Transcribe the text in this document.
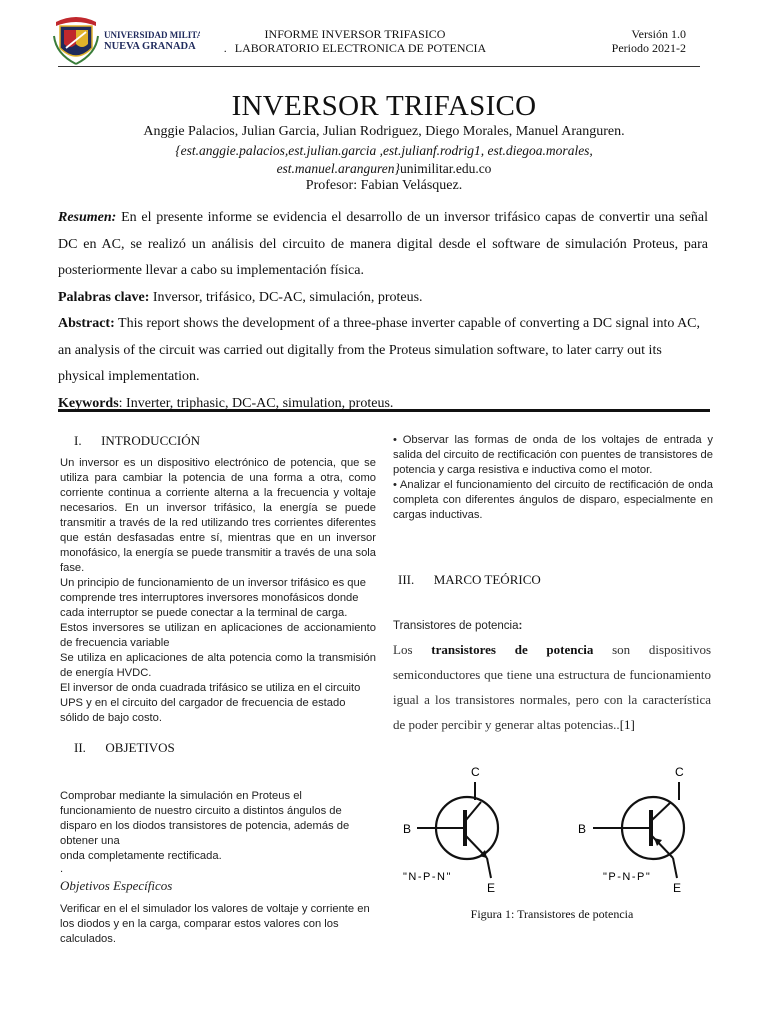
UNIVERSIDAD MILITAR
NUEVA GRANADA
INFORME INVERSOR TRIFASICO
. LABORATORIO ELECTRONICA DE POTENCIA
Versión 1.0
Periodo 2021-2
INVERSOR TRIFASICO
Anggie Palacios, Julian Garcia, Julian Rodriguez, Diego Morales, Manuel Aranguren.
{est.anggie.palacios,est.julian.garcia ,est.julianf.rodrig1, est.diegoa.morales,
est.manuel.aranguren}unimilitar.edu.co
Profesor: Fabian Velásquez.

Resumen: En el presente informe se evidencia el desarrollo de un inversor trifásico capas de convertir una señal DC en AC, se realizó un análisis del circuito de manera digital desde el software de simulación Proteus, para posteriormente llevar a cabo su implementación física.

Palabras clave: Inversor, trifásico, DC-AC, simulación, proteus.

Abstract: This report shows the development of a three-phase inverter capable of converting a DC signal into AC, an analysis of the circuit was carried out digitally from the Proteus simulation software, to later carry out its physical implementation.

Keywords: Inverter, triphasic, DC-AC, simulation, proteus.

I.      INTRODUCCIÓN

Un inversor es un dispositivo electrónico de potencia, que se utiliza para cambiar la potencia de una forma a otra, como corriente continua a corriente alterna a la frecuencia y voltaje necesarios. En un inversor trifásico, la energía se puede transmitir a través de la red utilizando tres corrientes diferentes que están desfasadas entre sí, mientras que en un inversor monofásico, la energía se puede transmitir a través de una sola fase.

Un principio de funcionamiento de un inversor trifásico es que comprende tres interruptores inversores monofásicos donde cada interruptor se puede conectar a la terminal de carga.

Estos inversores se utilizan en aplicaciones de accionamiento de frecuencia variable

Se utiliza en aplicaciones de alta potencia como la transmisión de energía HVDC.

El inversor de onda cuadrada trifásico se utiliza en el circuito UPS y en el circuito del cargador de frecuencia de estado sólido de bajo costo.

II.      OBJETIVOS

Comprobar mediante la simulación en Proteus el

funcionamiento de nuestro circuito a distintos ángulos de

disparo en los diodos transistores de potencia, además de

obtener una

onda completamente rectificada.

.

Objetivos Específicos
Verificar en el el simulador los valores de voltaje y corriente en los diodos y en la carga, comparar estos valores con los calculados.

• Observar las formas de onda de los voltajes de entrada y salida del circuito de rectificación con puentes de transistores de potencia y carga resistiva e inductiva como el motor.

• Analizar el funcionamiento del circuito de rectificación de onda completa con diferentes ángulos de disparo, especialmente en cargas inductivas.

III.      MARCO TEÓRICO
Transistores de potencia:
Los transistores de potencia son dispositivos semiconductores que tiene una estructura de funcionamiento igual a los transistores normales, pero con la característica de poder percibir y generar altas potencias..[1]
C
B
"N-P-N"
E
C
B
"P-N-P"
E
Figura 1: Transistores de potencia
